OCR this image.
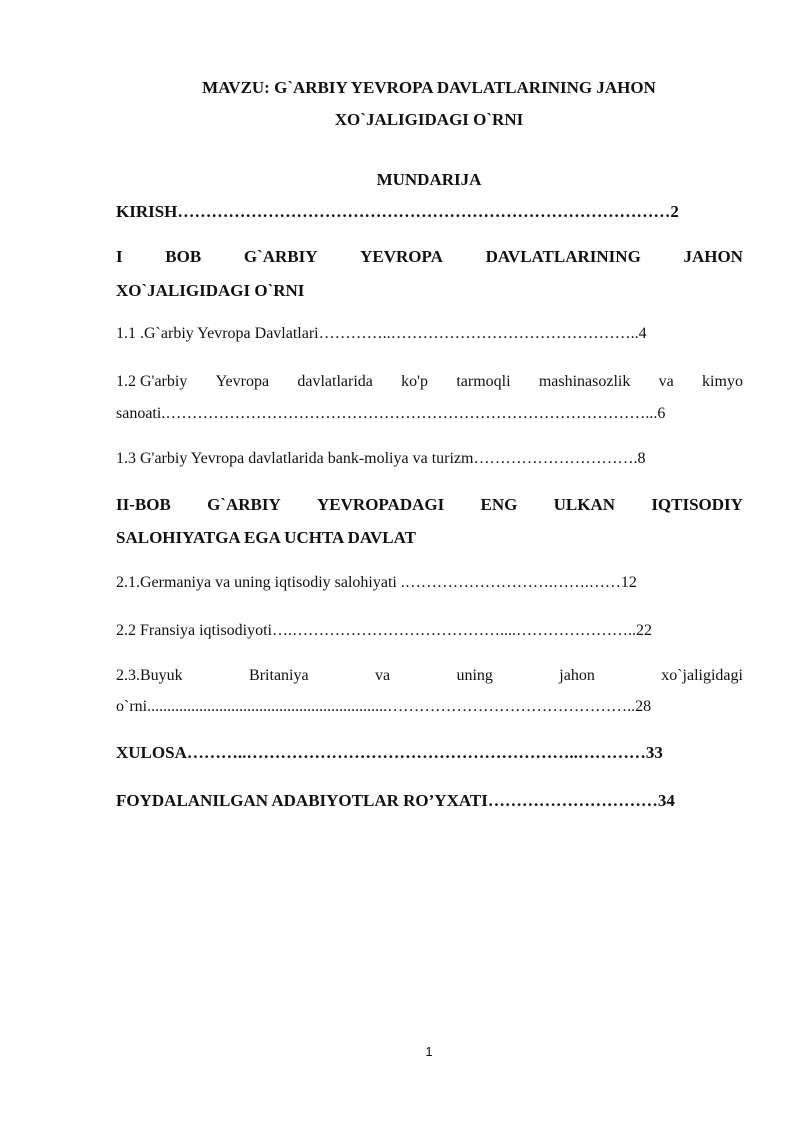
MAVZU: G`ARBIY YEVROPA DAVLATLARINING JAHON
XO`JALIGIDAGI O`RNI
MUNDARIJA
KIRISH……………………………………………………………………………2
I	BOB	G`ARBIY	YEVROPA	DAVLATLARINING	JAHON
XO`JALIGIDAGI O`RNI
1.1 .G`arbiy Yevropa Davlatlari…………..………………………………………..4
1.2 G'arbiy Yevropa davlatlarida ko'p tarmoqli mashinasozlik va kimyo
sanoati.………………………………………………………………………………...6
1.3 G'arbiy Yevropa davlatlarida bank-moliya va turizm………………………….8
II-BOB G`ARBIY YEVROPADAGI ENG ULKAN IQTISODIY
SALOHIYATGA EGA UCHTA DAVLAT
2.1.Germaniya va uning iqtisodiy salohiyati .……………………….…….……12
2.2 Fransiya iqtisodiyoti….…………………………………....…………………..22
2.3.Buyuk	Britaniya	va	uning	jahon	xo`jaligidagi
o`rni............................................................………………………………………..28
XULOSA………..…………………………………………………..…………33
FOYDALANILGAN ADABIYOTLAR RO’YXATI…………………………34
1
